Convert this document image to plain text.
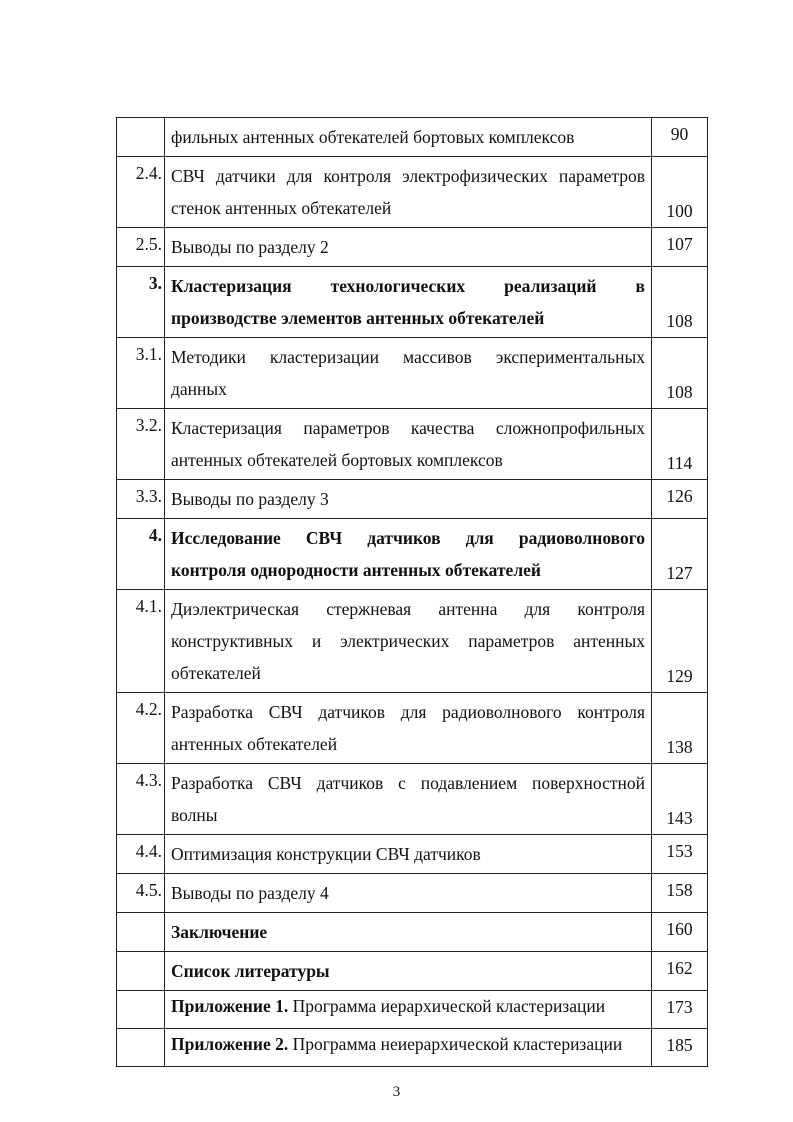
	фильных антенных обтекателей бортовых комплексов	90
2.4.	СВЧ датчики для контроля электрофизических параметров
стенок антенных обтекателей	100
2.5.	Выводы по разделу 2	107
3.	Кластеризация технологических реализаций в
производстве элементов антенных обтекателей	108
3.1.	Методики кластеризации массивов экспериментальных
данных	108
3.2.	Кластеризация параметров качества сложнопрофильных
антенных обтекателей бортовых комплексов	114
3.3.	Выводы по разделу 3	126
4.	Исследование СВЧ датчиков для радиоволнового
контроля однородности антенных обтекателей	127
4.1.	Диэлектрическая стержневая антенна для контроля
конструктивных и электрических параметров антенных
обтекателей	129
4.2.	Разработка СВЧ датчиков для радиоволнового контроля
антенных обтекателей	138
4.3.	Разработка СВЧ датчиков с подавлением поверхностной
волны	143
4.4.	Оптимизация конструкции СВЧ датчиков	153
4.5.	Выводы по разделу 4	158

	Заключение	160

	Список литературы	162
	Приложение 1. Программа иерархической кластеризации	173
	Приложение 2. Программа неиерархической кластеризации	185
3
